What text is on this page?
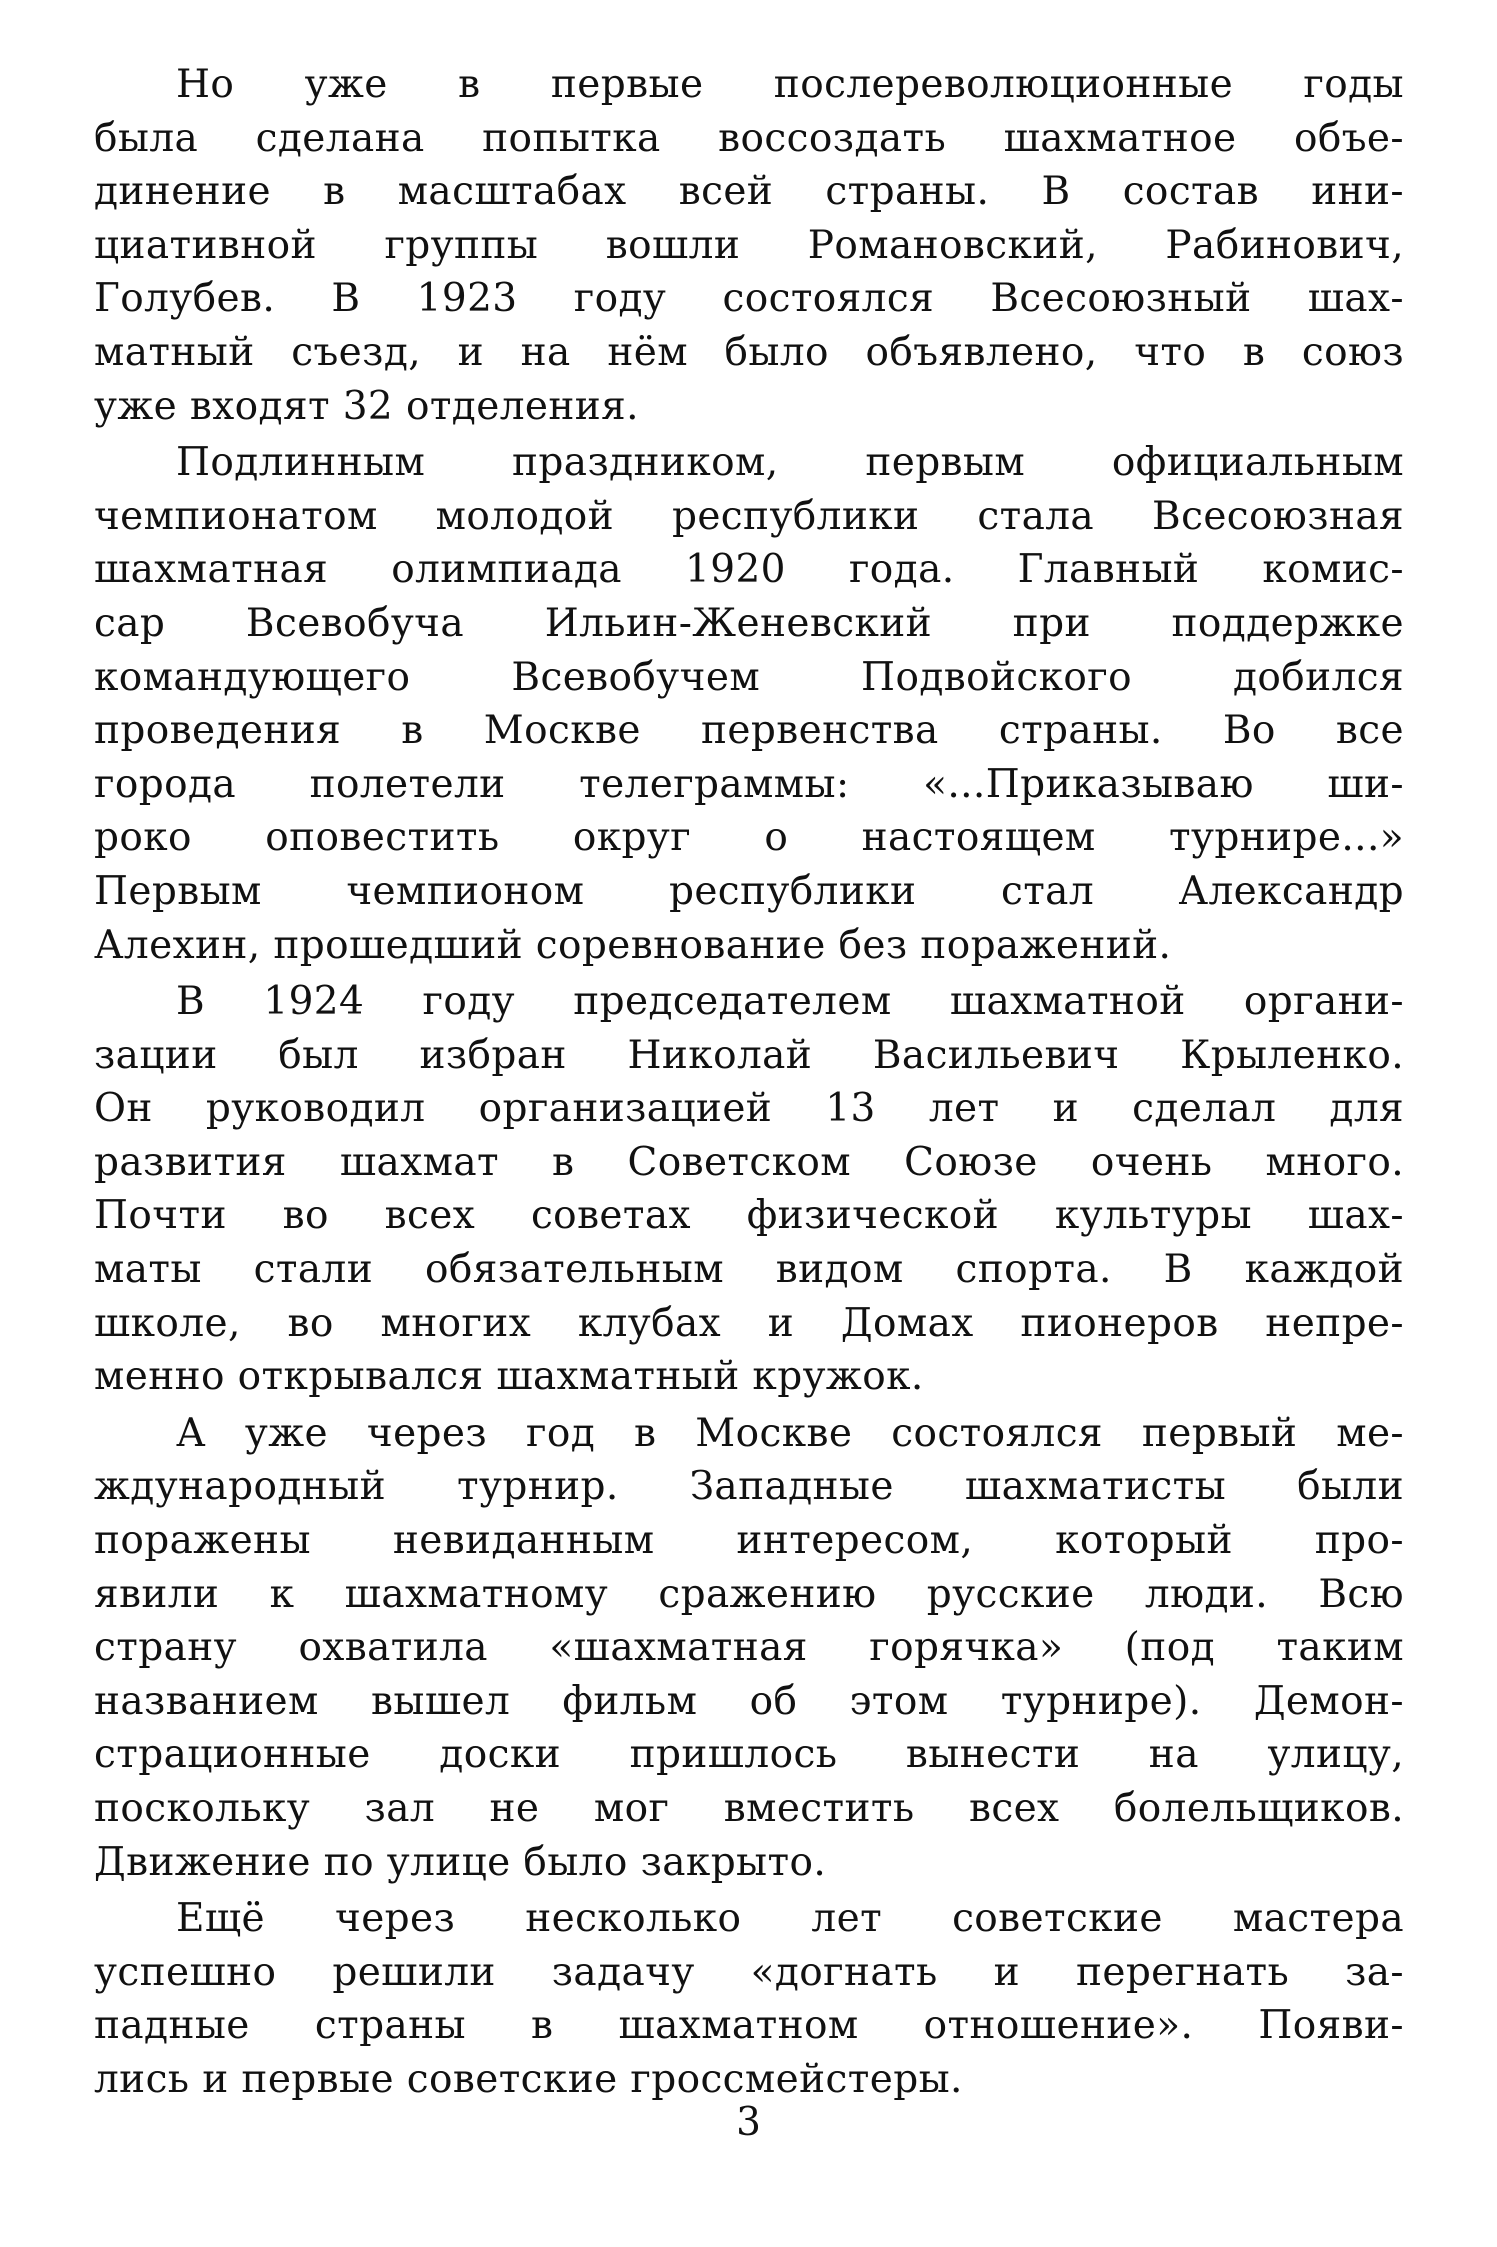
Но уже в первые послереволюционные годы
была сделана попытка воссоздать шахматное объе-
динение в масштабах всей страны. В состав ини-
циативной группы вошли Романовский, Рабинович,
Голубев. В 1923 году состоялся Всесоюзный шах-
матный съезд, и на нём было объявлено, что в союз
уже входят 32 отделения.
Подлинным праздником, первым официальным
чемпионатом молодой республики стала Всесоюзная
шахматная олимпиада 1920 года. Главный комис-
сар Всевобуча Ильин-Женевский при поддержке
командующего Всевобучем Подвойского добился
проведения в Москве первенства страны. Во все
города полетели телеграммы: «...Приказываю ши-
роко оповестить округ о настоящем турнире...»
Первым чемпионом республики стал Александр
Алехин, прошедший соревнование без поражений.
В 1924 году председателем шахматной органи-
зации был избран Николай Васильевич Крыленко.
Он руководил организацией 13 лет и сделал для
развития шахмат в Советском Союзе очень много.
Почти во всех советах физической культуры шах-
маты стали обязательным видом спорта. В каждой
школе, во многих клубах и Домах пионеров непре-
менно открывался шахматный кружок.
А уже через год в Москве состоялся первый ме-
ждународный турнир. Западные шахматисты были
поражены невиданным интересом, который про-
явили к шахматному сражению русские люди. Всю
страну охватила «шахматная горячка» (под таким
названием вышел фильм об этом турнире). Демон-
страционные доски пришлось вынести на улицу,
поскольку зал не мог вместить всех болельщиков.
Движение по улице было закрыто.
Ещё через несколько лет советские мастера
успешно решили задачу «догнать и перегнать за-
падные страны в шахматном отношение». Появи-
лись и первые советские гроссмейстеры.
3
